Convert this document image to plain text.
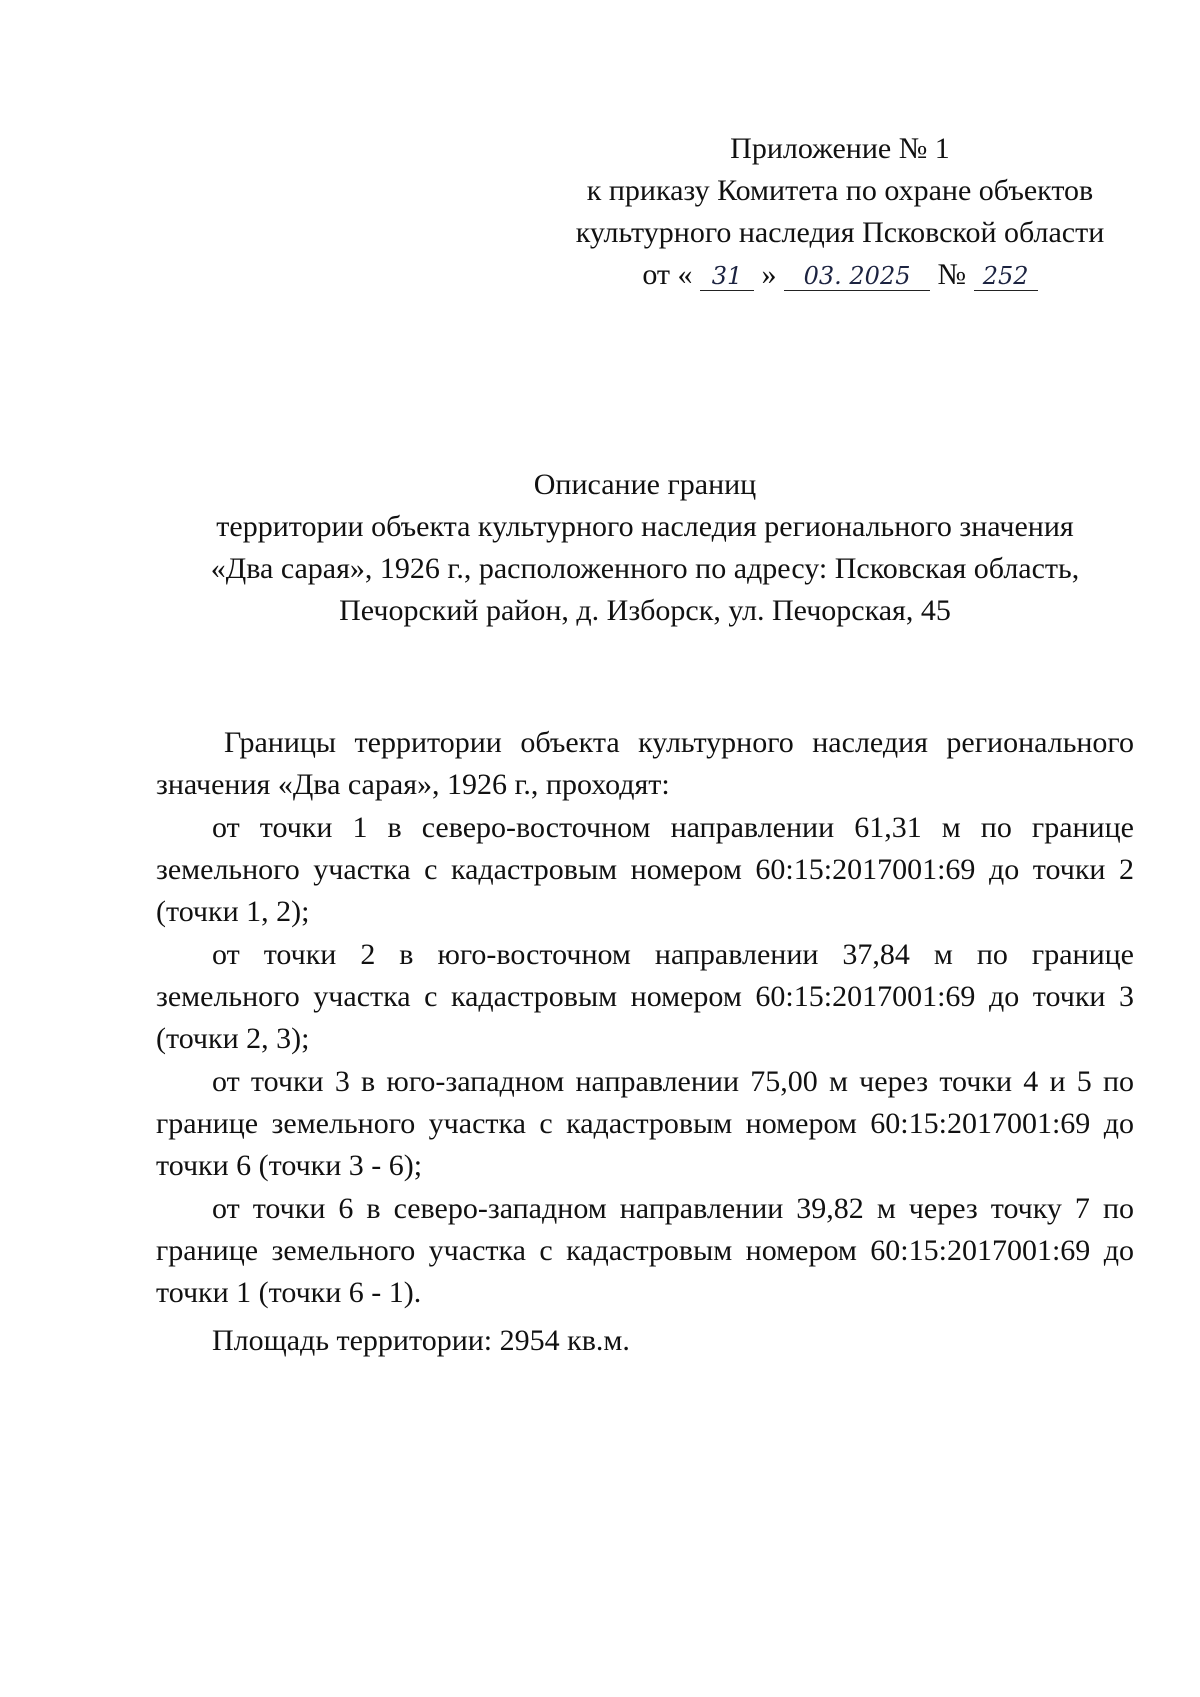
Приложение № 1
к приказу Комитета по охране объектов
культурного наследия Псковской области
от « 31 » 03. 2025 № 252
Описание границ
территории объекта культурного наследия регионального значения
«Два сарая», 1926 г., расположенного по адресу: Псковская область,
Печорский район, д. Изборск, ул. Печорская, 45

Границы территории объекта культурного наследия регионального значения «Два сарая», 1926 г., проходят:

от точки 1 в северо-восточном направлении 61,31 м по границе земельного участка с кадастровым номером 60:15:2017001:69 до точки 2 (точки 1, 2);

от точки 2 в юго-восточном направлении 37,84 м по границе земельного участка с кадастровым номером 60:15:2017001:69 до точки 3 (точки 2, 3);

от точки 3 в юго-западном направлении 75,00 м через точки 4 и 5 по границе земельного участка с кадастровым номером 60:15:2017001:69 до точки 6 (точки 3 - 6);

от точки 6 в северо-западном направлении 39,82 м через точку 7 по границе земельного участка с кадастровым номером 60:15:2017001:69 до точки 1 (точки 6 - 1).

Площадь территории: 2954 кв.м.
